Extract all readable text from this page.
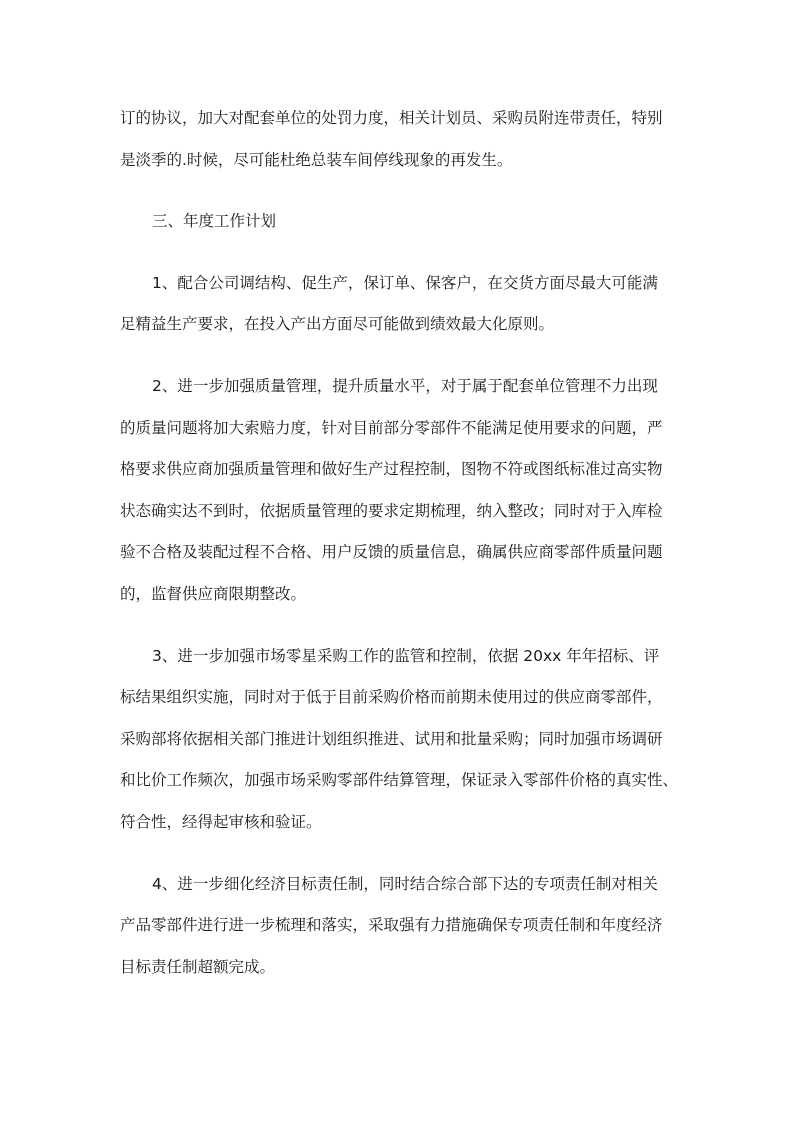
订的协议，加大对配套单位的处罚力度，相关计划员、采购员附连带责任，特别
是淡季的.时候，尽可能杜绝总装车间停线现象的再发生。
三、年度工作计划
1、配合公司调结构、促生产，保订单、保客户，在交货方面尽最大可能满
足精益生产要求，在投入产出方面尽可能做到绩效最大化原则。
2、进一步加强质量管理，提升质量水平，对于属于配套单位管理不力出现
的质量问题将加大索赔力度，针对目前部分零部件不能满足使用要求的问题，严
格要求供应商加强质量管理和做好生产过程控制，图物不符或图纸标准过高实物
状态确实达不到时，依据质量管理的要求定期梳理，纳入整改；同时对于入库检
验不合格及装配过程不合格、用户反馈的质量信息，确属供应商零部件质量问题
的，监督供应商限期整改。
3、进一步加强市场零星采购工作的监管和控制，依据 20xx 年年招标、评
标结果组织实施，同时对于低于目前采购价格而前期未使用过的供应商零部件，
采购部将依据相关部门推进计划组织推进、试用和批量采购；同时加强市场调研
和比价工作频次，加强市场采购零部件结算管理，保证录入零部件价格的真实性、
符合性，经得起审核和验证。
4、进一步细化经济目标责任制，同时结合综合部下达的专项责任制对相关
产品零部件进行进一步梳理和落实，采取强有力措施确保专项责任制和年度经济
目标责任制超额完成。
